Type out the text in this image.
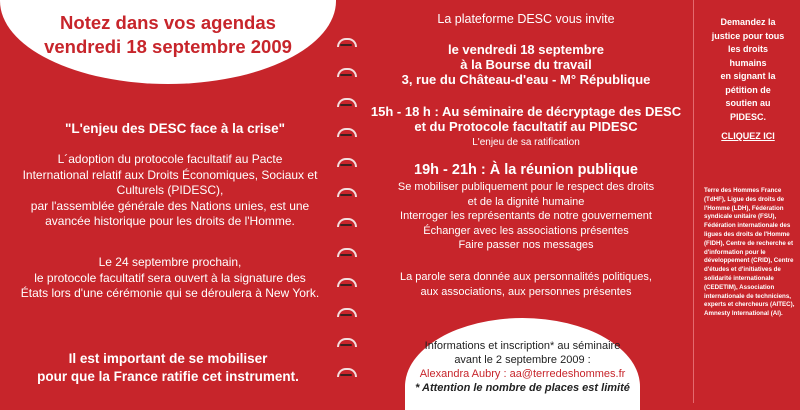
Notez dans vos agendas
vendredi 18 septembre 2009
"L'enjeu des DESC face à la crise"
L´adoption du protocole facultatif au Pacte
International relatif aux Droits Économiques, Sociaux et
Culturels (PIDESC),
par l'assemblée générale des Nations unies, est une
avancée historique pour les droits de l'Homme.
Le 24 septembre prochain,
le protocole facultatif sera ouvert à la signature des
États lors d'une cérémonie qui se déroulera à New York.
Il est important de se mobiliser
pour que la France ratifie cet instrument.
La plateforme DESC vous invite
le vendredi 18 septembre
à la Bourse du travail
3, rue du Château-d'eau - M° République
15h - 18 h : Au séminaire de décryptage des DESC
et du Protocole facultatif au PIDESC
L'enjeu de sa ratification
19h - 21h : À la réunion publique
Se mobiliser publiquement pour le respect des droits
et de la dignité humaine
Interroger les représentants de notre gouvernement
Échanger avec les associations présentes
Faire passer nos messages
La parole sera donnée aux personnalités politiques,
aux associations, aux personnes présentes
Informations et inscription* au séminaire
avant le 2 septembre 2009 :
Alexandra Aubry : aa@terredeshommes.fr
* Attention le nombre de places est limité
Demandez la
justice pour tous
les droits
humains
en signant la
pétition de
soutien au
PIDESC.
CLIQUEZ ICI
Terre des Hommes France (TdHF), Ligue des droits de l'Homme (LDH), Fédération syndicale unitaire (FSU), Fédération internationale des ligues des droits de l'Homme (FIDH), Centre de recherche et d'information pour le développement (CRID), Centre d'études et d'initiatives de solidarité internationale (CEDETIM), Association internationale de techniciens, experts et chercheurs (AITEC), Amnesty International (AI).
